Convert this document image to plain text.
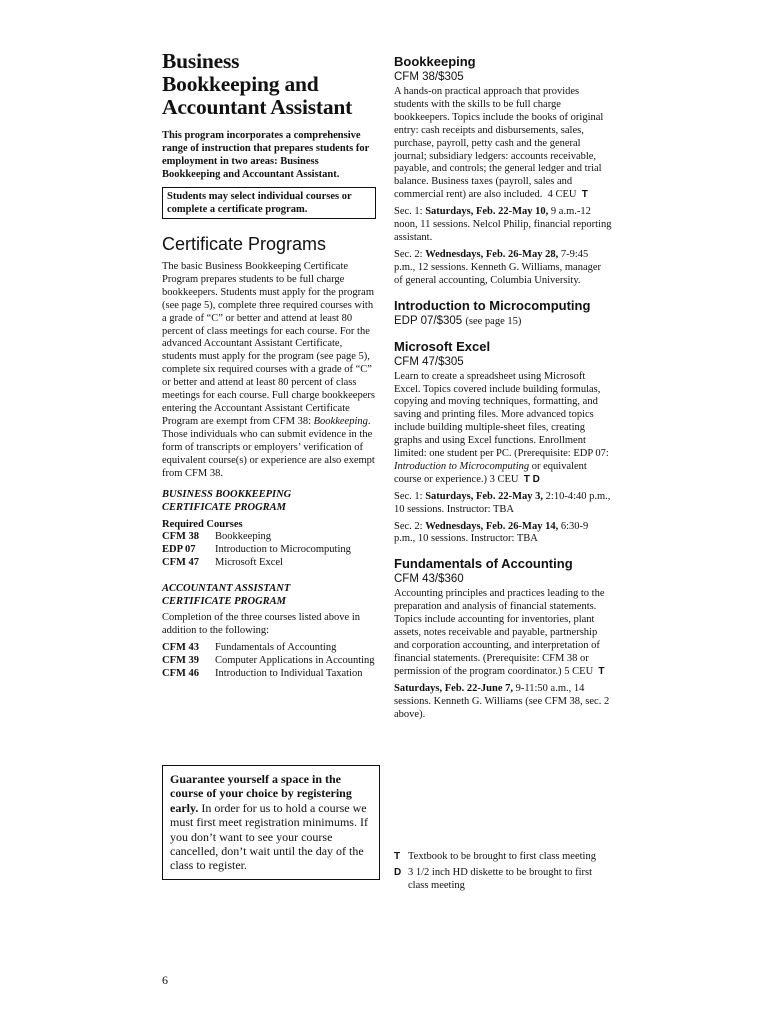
Business
Bookkeeping and
Accountant Assistant

This program incorporates a comprehensive range of instruction that prepares students for employment in two areas: Business Bookkeeping and Accountant Assistant.

Students may select individual courses or complete a certificate program.
Certificate Programs

The basic Business Bookkeeping Certificate Program prepares students to be full charge bookkeepers. Students must apply for the program (see page 5), complete three required courses with a grade of “C” or better and attend at least 80 percent of class meetings for each course. For the advanced Accountant Assistant Certificate, students must apply for the program (see page 5), complete six required courses with a grade of “C” or better and attend at least 80 percent of class meetings for each course. Full charge bookkeepers entering the Accountant Assistant Certificate Program are exempt from CFM 38: Bookkeeping. Those individuals who can submit evidence in the form of transcripts or employers’ verification of equivalent course(s) or experience are also exempt from CFM 38.

BUSINESS BOOKKEEPING
CERTIFICATE PROGRAM

Required Courses

CFM 38	Bookkeeping
EDP 07	Introduction to Microcomputing
CFM 47	Microsoft Excel

ACCOUNTANT ASSISTANT
CERTIFICATE PROGRAM

Completion of the three courses listed above in addition to the following:

CFM 43	Fundamentals of Accounting
CFM 39	Computer Applications in Accounting
CFM 46	Introduction to Individual Taxation
Guarantee yourself a space in the course of your choice by registering early. In order for us to hold a course we must first meet registration minimums. If you don’t want to see your course cancelled, don’t wait until the day of the class to register.
6
Bookkeeping

CFM 38/$305

A hands-on practical approach that provides students with the skills to be full charge bookkeepers. Topics include the books of original entry: cash receipts and disbursements, sales, purchase, payroll, petty cash and the general journal; subsidiary ledgers: accounts receivable, payable, and controls; the general ledger and trial balance. Business taxes (payroll, sales and commercial rent) are also included. 4 CEU T

Sec. 1: Saturdays, Feb. 22-May 10, 9 a.m.-12 noon, 11 sessions. Nelcol Philip, financial reporting assistant.

Sec. 2: Wednesdays, Feb. 26-May 28, 7-9:45 p.m., 12 sessions. Kenneth G. Williams, manager of general accounting, Columbia University.

Introduction to Microcomputing

EDP 07/$305 (see page 15)

Microsoft Excel

CFM 47/$305

Learn to create a spreadsheet using Microsoft Excel. Topics covered include building formulas, copying and moving techniques, formatting, and saving and printing files. More advanced topics include building multiple-sheet files, creating graphs and using Excel functions. Enrollment limited: one student per PC. (Prerequisite: EDP 07: Introduction to Microcomputing or equivalent course or experience.) 3 CEU T D

Sec. 1: Saturdays, Feb. 22-May 3, 2:10-4:40 p.m., 10 sessions. Instructor: TBA

Sec. 2: Wednesdays, Feb. 26-May 14, 6:30-9 p.m., 10 sessions. Instructor: TBA

Fundamentals of Accounting

CFM 43/$360

Accounting principles and practices leading to the preparation and analysis of financial statements. Topics include accounting for inventories, plant assets, notes receivable and payable, partnership and corporation accounting, and interpretation of financial statements. (Prerequisite: CFM 38 or permission of the program coordinator.) 5 CEU T

Saturdays, Feb. 22-June 7, 9-11:50 a.m., 14 sessions. Kenneth G. Williams (see CFM 38, sec. 2 above).

T Textbook to be brought to first class meeting
D 3 1/2 inch HD diskette to be brought to first class meeting
